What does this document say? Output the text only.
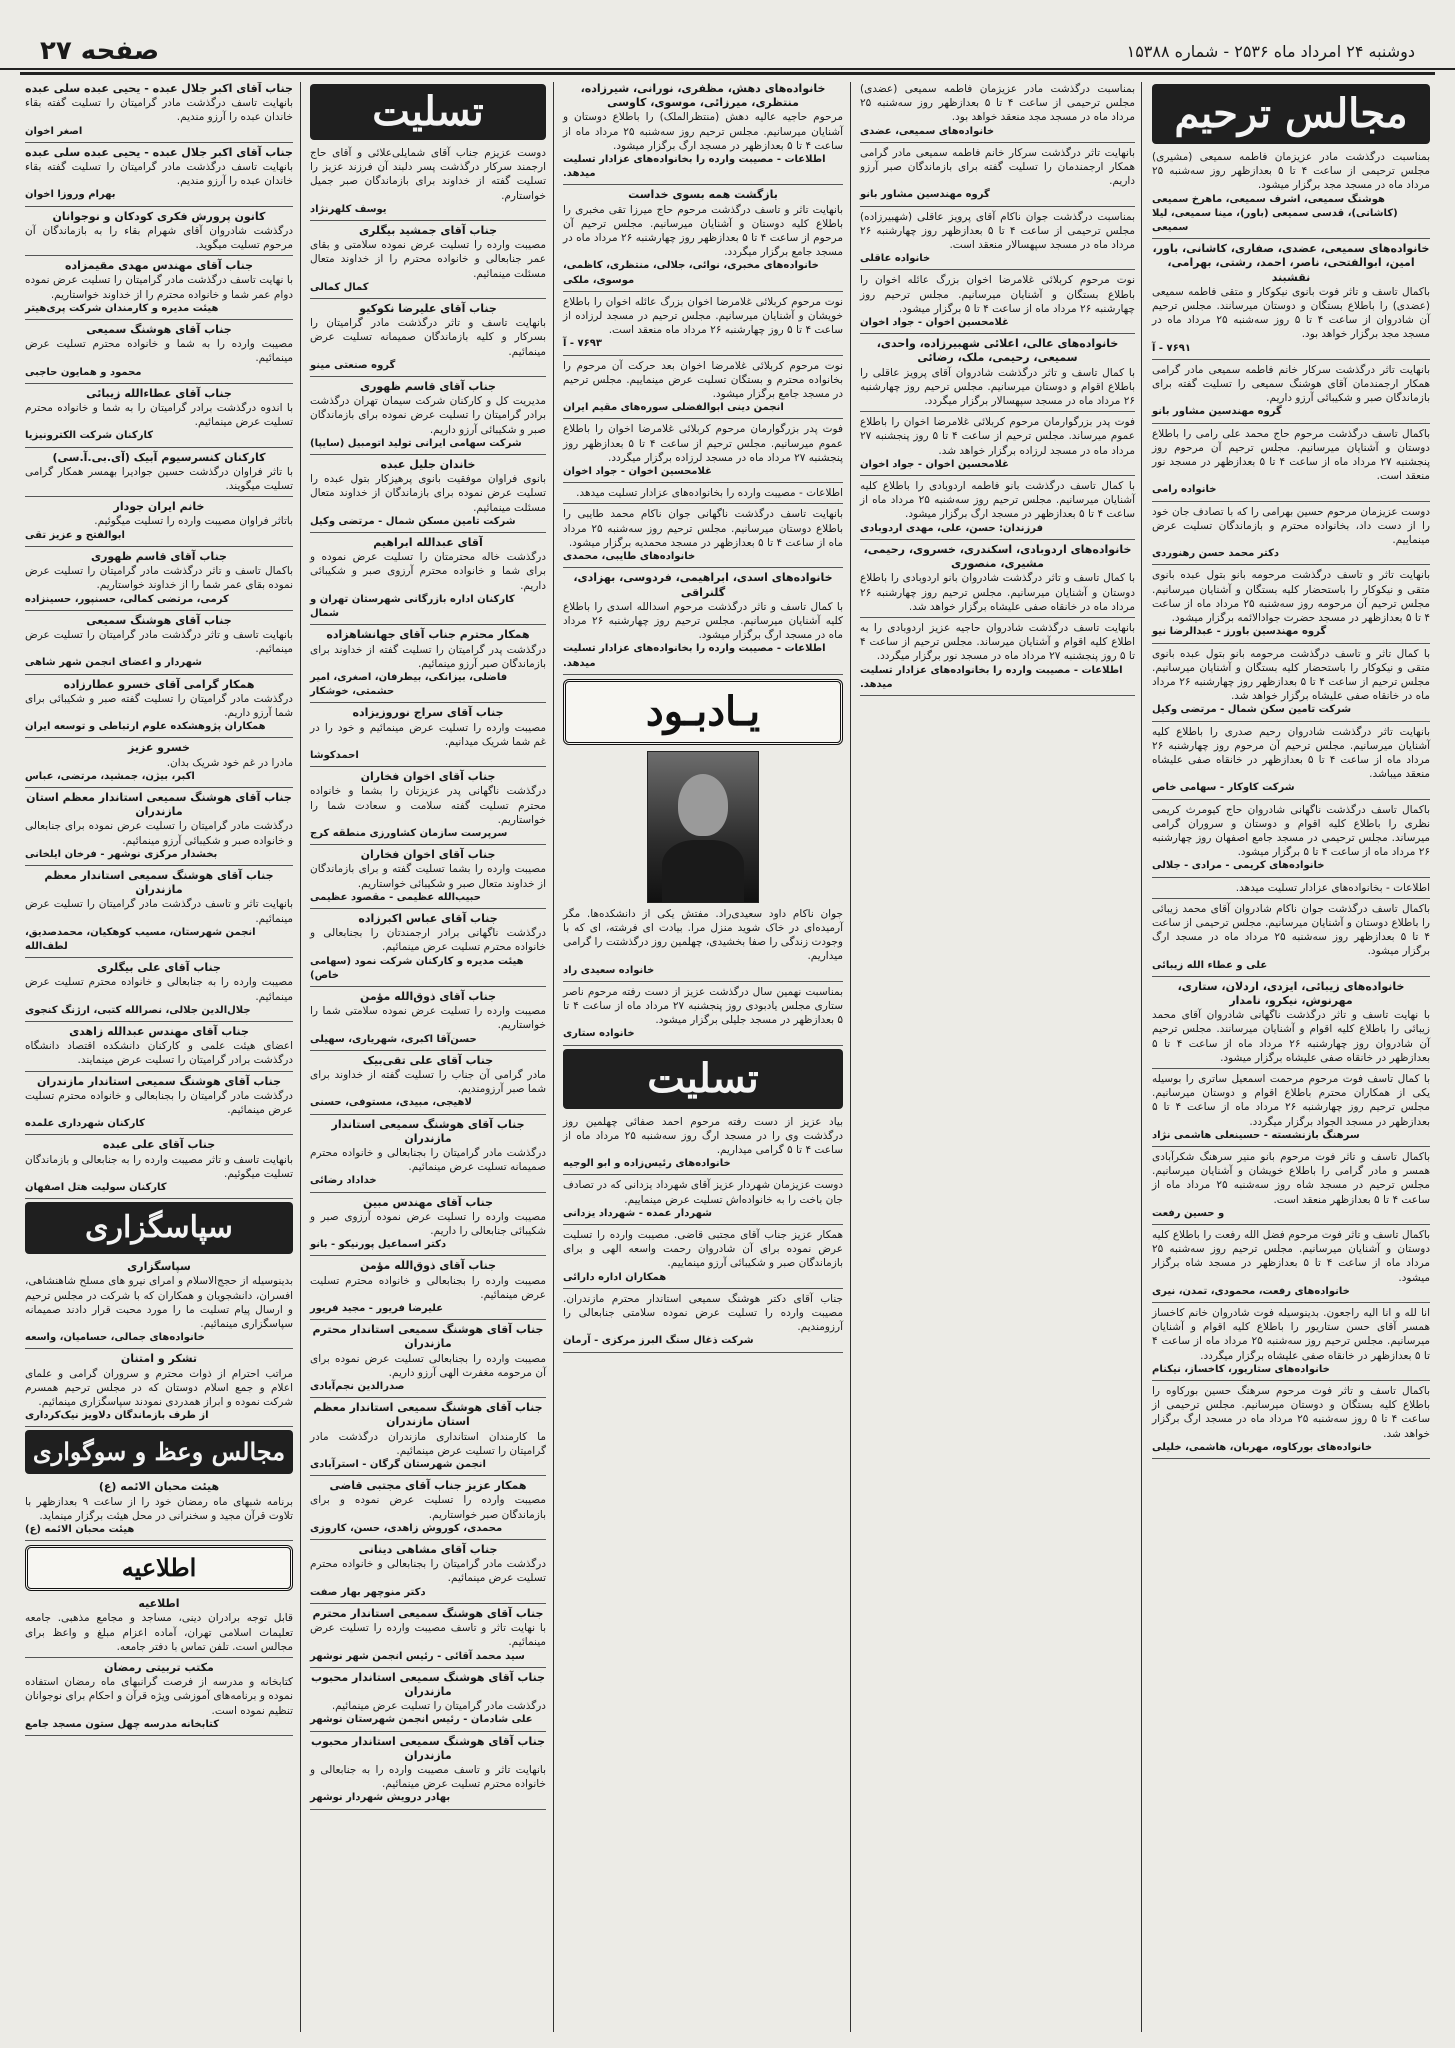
صفحه ۲۷	دوشنبه ۲۴ امرداد ماه ۲۵۳۶ - شماره ۱۵۳۸۸
مجالس ترحیم
بمناسبت درگذشت مادر عزیزمان فاطمه سمیعی (مشیری) مجلس ترحیمی از ساعت ۴ تا ۵ بعدازظهر روز سه‌شنبه ۲۵ مرداد ماه در مسجد مجد برگزار میشود.
هوشنگ سمیعی، اشرف سمیعی، ماهرخ سمیعی (کاشانی)، قدسی سمیعی (باور)، مینا سمیعی، لیلا سمیعی
خانواده‌های سمیعی، عضدی، صفاری، کاشانی، باور، امین، ابوالفتحی، ناصر، احمد، رشتی، بهرامی، نقشبند
باکمال تاسف و تاثر فوت بانوی نیکوکار و متقی فاطمه سمیعی (عضدی) را باطلاع بستگان و دوستان میرسانند. مجلس ترحیم آن شادروان از ساعت ۴ تا ۵ روز سه‌شنبه ۲۵ مرداد ماه در مسجد مجد برگزار خواهد بود.
۷۶۹۱ - آ
بانهایت تاثر درگذشت سرکار خانم فاطمه سمیعی مادر گرامی همکار ارجمندمان آقای هوشنگ سمیعی را تسلیت گفته برای بازماندگان صبر و شکیبائی آرزو داریم.
گروه مهندسین مشاور بانو
باکمال تاسف درگذشت مرحوم حاج محمد علی رامی را باطلاع دوستان و آشنایان میرسانیم. مجلس ترحیم آن مرحوم روز پنجشنبه ۲۷ مرداد ماه از ساعت ۴ تا ۵ بعدازظهر در مسجد نور منعقد است.
خانواده رامی
دوست عزیزمان مرحوم حسین بهرامی را که با تصادف جان خود را از دست داد، بخانواده محترم و بازماندگان تسلیت عرض مینماییم.
دکتر محمد حسن رهنوردی
بانهایت تاثر و تاسف درگذشت مرحومه بانو بتول عبده بانوی متقی و نیکوکار را باستحضار کلیه بستگان و آشنایان میرسانیم. مجلس ترحیم آن مرحومه روز سه‌شنبه ۲۵ مرداد ماه از ساعت ۴ تا ۵ بعدازظهر در مسجد حضرت جوادالائمه برگزار میشود.
گروه مهندسین باورز - عبدالرضا نیو
با کمال تاثر و تاسف درگذشت مرحومه بانو بتول عبده بانوی متقی و نیکوکار را باستحضار کلیه بستگان و آشنایان میرسانیم. مجلس ترحیم از ساعت ۴ تا ۵ بعدازظهر روز چهارشنبه ۲۶ مرداد ماه در خانقاه صفی علیشاه برگزار خواهد شد.
شرکت تامین سکن شمال - مرتضی وکیل
بانهایت تاثر درگذشت شادروان رحیم صدری را باطلاع کلیه آشنایان میرسانیم. مجلس ترحیم آن مرحوم روز چهارشنبه ۲۶ مرداد ماه از ساعت ۴ تا ۵ بعدازظهر در خانقاه صفی علیشاه منعقد میباشد.
شرکت کاوکار - سهامی خاص
باکمال تاسف درگذشت ناگهانی شادروان حاج کیومرث کریمی نظری را باطلاع کلیه اقوام و دوستان و سروران گرامی میرساند. مجلس ترحیمی در مسجد جامع اصفهان روز چهارشنبه ۲۶ مرداد ماه از ساعت ۴ تا ۵ برگزار میشود.
خانواده‌های کریمی - مرادی - جلالی
اطلاعات - بخانواده‌های عزادار تسلیت میدهد.
باکمال تاسف درگذشت جوان ناکام شادروان آقای محمد زیبائی را باطلاع دوستان و آشنایان میرسانیم. مجلس ترحیمی از ساعت ۴ تا ۵ بعدازظهر روز سه‌شنبه ۲۵ مرداد ماه در مسجد ارگ برگزار میشود.
علی و عطاء الله زیبائی
خانواده‌های زیبائی، ایزدی، اردلان، ستاری، مهرنوش، نیکرو، نامدار
با نهایت تاسف و تاثر درگذشت ناگهانی شادروان آقای محمد زیبائی را باطلاع کلیه اقوام و آشنایان میرسانند. مجلس ترحیم آن شادروان روز چهارشنبه ۲۶ مرداد ماه از ساعت ۴ تا ۵ بعدازظهر در خانقاه صفی علیشاه برگزار میشود.
با کمال تاسف فوت مرحوم مرحمت اسمعیل ساتری را بوسیله یکی از همکاران محترم باطلاع اقوام و دوستان میرسانیم. مجلس ترحیم روز چهارشنبه ۲۶ مرداد ماه از ساعت ۴ تا ۵ بعدازظهر در مسجد الجواد برگزار میگردد.
سرهنگ بازنشسته - حسینعلی هاشمی نژاد
باکمال تاسف و تاثر فوت مرحوم بانو منیر سرهنگ شکرآبادی همسر و مادر گرامی را باطلاع خویشان و آشنایان میرسانیم. مجلس ترحیم در مسجد شاه روز سه‌شنبه ۲۵ مرداد ماه از ساعت ۴ تا ۵ بعدازظهر منعقد است.
و حسین رفعت
باکمال تاسف و تاثر فوت مرحوم فضل الله رفعت را باطلاع کلیه دوستان و آشنایان میرسانیم. مجلس ترحیم روز سه‌شنبه ۲۵ مرداد ماه از ساعت ۴ تا ۵ بعدازظهر در مسجد شاه برگزار میشود.
خانواده‌های رفعت، محمودی، تمدن، نیری
انا لله و انا الیه راجعون. بدینوسیله فوت شادروان خانم کاخساز همسر آقای حسن ستاریور را باطلاع کلیه اقوام و آشنایان میرسانیم. مجلس ترحیم روز سه‌شنبه ۲۵ مرداد ماه از ساعت ۴ تا ۵ بعدازظهر در خانقاه صفی علیشاه برگزار میگردد.
خانواده‌های ستاریور، کاخساز، نیکنام
باکمال تاسف و تاثر فوت مرحوم سرهنگ حسین بورکاوه را باطلاع کلیه بستگان و دوستان میرسانیم. مجلس ترحیمی از ساعت ۴ تا ۵ روز سه‌شنبه ۲۵ مرداد ماه در مسجد ارگ برگزار خواهد شد.
خانواده‌های بورکاوه، مهربان، هاشمی، خلیلی
بمناسبت درگذشت مادر عزیزمان فاطمه سمیعی (عضدی) مجلس ترحیمی از ساعت ۴ تا ۵ بعدازظهر روز سه‌شنبه ۲۵ مرداد ماه در مسجد مجد منعقد خواهد بود.
خانواده‌های سمیعی، عضدی
بانهایت تاثر درگذشت سرکار خانم فاطمه سمیعی مادر گرامی همکار ارجمندمان را تسلیت گفته برای بازماندگان صبر آرزو داریم.
گروه مهندسین مشاور بانو
بمناسبت درگذشت جوان ناکام آقای پرویز عاقلی (شهبیرزاده) مجلس ترحیمی از ساعت ۴ تا ۵ بعدازظهر روز چهارشنبه ۲۶ مرداد ماه در مسجد سپهسالار منعقد است.
خانواده عاقلی
نوت مرحوم کربلائی غلامرضا اخوان بزرگ عائله اخوان را باطلاع بستگان و آشنایان میرسانیم. مجلس ترحیم روز چهارشنبه ۲۶ مرداد ماه از ساعت ۴ تا ۵ برگزار میشود.
غلامحسین اخوان - جواد اخوان
خانواده‌های عالی، اعلائی شهبیرزاده، واحدی، سمیعی، رحیمی، ملک، رضائی
با کمال تاسف و تاثر درگذشت شادروان آقای پرویز عاقلی را باطلاع اقوام و دوستان میرسانیم. مجلس ترحیم روز چهارشنبه ۲۶ مرداد ماه در مسجد سپهسالار برگزار میگردد.
فوت پدر بزرگوارمان مرحوم کربلائی غلامرضا اخوان را باطلاع عموم میرساند. مجلس ترحیم از ساعت ۴ تا ۵ روز پنجشنبه ۲۷ مرداد ماه در مسجد لرزاده برگزار خواهد شد.
غلامحسین اخوان - جواد اخوان
با کمال تاسف درگذشت بانو فاطمه اردوبادی را باطلاع کلیه آشنایان میرسانیم. مجلس ترحیم روز سه‌شنبه ۲۵ مرداد ماه از ساعت ۴ تا ۵ بعدازظهر در مسجد ارگ برگزار میشود.
فرزندان: حسن، علی، مهدی اردوبادی
خانواده‌های اردوبادی، اسکندری، خسروی، رحیمی، مشیری، منصوری
با کمال تاسف و تاثر درگذشت شادروان بانو اردوبادی را باطلاع دوستان و آشنایان میرسانیم. مجلس ترحیم روز چهارشنبه ۲۶ مرداد ماه در خانقاه صفی علیشاه برگزار خواهد شد.
بانهایت تاسف درگذشت شادروان حاجیه عزیز اردوبادی را به اطلاع کلیه اقوام و آشنایان میرساند. مجلس ترحیم از ساعت ۴ تا ۵ روز پنجشنبه ۲۷ مرداد ماه در مسجد نور برگزار میگردد.
اطلاعات - مصیبت وارده را بخانواده‌های عزادار تسلیت میدهد.
خانواده‌های دهش، مظفری، نورانی، شیرزاده، منتظری، میرزائی، موسوی، کاوسی
مرحوم حاجیه عالیه دهش (منتظرالملک) را باطلاع دوستان و آشنایان میرسانیم. مجلس ترحیم روز سه‌شنبه ۲۵ مرداد ماه از ساعت ۴ تا ۵ بعدازظهر در مسجد ارگ برگزار میشود.
اطلاعات - مصیبت وارده را بخانواده‌های عزادار تسلیت میدهد.
بازگشت همه بسوی خداست
بانهایت تاثر و تاسف درگذشت مرحوم حاج میرزا تقی مخبری را باطلاع کلیه دوستان و آشنایان میرسانیم. مجلس ترحیم آن مرحوم از ساعت ۴ تا ۵ بعدازظهر روز چهارشنبه ۲۶ مرداد ماه در مسجد جامع برگزار میگردد.
خانواده‌های مخبری، نوائی، جلالی، منتظری، کاظمی، موسوی، ملکی
نوت مرحوم کربلائی غلامرضا اخوان بزرگ عائله اخوان را باطلاع خویشان و آشنایان میرسانیم. مجلس ترحیم در مسجد لرزاده از ساعت ۴ تا ۵ روز چهارشنبه ۲۶ مرداد ماه منعقد است.
۷۶۹۳ - آ
نوت مرحوم کربلائی غلامرضا اخوان بعد حرکت آن مرحوم را بخانواده محترم و بستگان تسلیت عرض مینماییم. مجلس ترحیم در مسجد جامع برگزار میشود.
انجمن دینی ابوالفضلی سوره‌های مقیم ایران
فوت پدر بزرگوارمان مرحوم کربلائی غلامرضا اخوان را باطلاع عموم میرسانیم. مجلس ترحیم از ساعت ۴ تا ۵ بعدازظهر روز پنجشنبه ۲۷ مرداد ماه در مسجد لرزاده برگزار میگردد.
غلامحسین اخوان - جواد اخوان
اطلاعات - مصیبت وارده را بخانواده‌های عزادار تسلیت میدهد.
بانهایت تاسف درگذشت ناگهانی جوان ناکام محمد طایبی را باطلاع دوستان میرسانیم. مجلس ترحیم روز سه‌شنبه ۲۵ مرداد ماه از ساعت ۴ تا ۵ بعدازظهر در مسجد محمدیه برگزار میشود.
خانواده‌های طایبی، محمدی
خانواده‌های اسدی، ابراهیمی، فردوسی، بهزادی، گلنراقی
با کمال تاسف و تاثر درگذشت مرحوم اسدالله اسدی را باطلاع کلیه آشنایان میرسانیم. مجلس ترحیم روز چهارشنبه ۲۶ مرداد ماه در مسجد ارگ برگزار میشود.
اطلاعات - مصیبت وارده را بخانواده‌های عزادار تسلیت میدهد.
یـادبـود
جوان ناکام داود سعیدی‌راد. مفتش یکی از دانشکده‌ها. مگر آرمیده‌ای در خاک شوید منزل مرا. بیادت ای فرشته، ای که با وجودت زندگی را صفا بخشیدی، چهلمین روز درگذشتت را گرامی میداریم.
خانواده سعیدی راد
بمناسبت نهمین سال درگذشت عزیز از دست رفته مرحوم ناصر ستاری مجلس یادبودی روز پنجشنبه ۲۷ مرداد ماه از ساعت ۴ تا ۵ بعدازظهر در مسجد جلیلی برگزار میشود.
خانواده ستاری
تسلیت
بیاد عزیز از دست رفته مرحوم احمد صفائی چهلمین روز درگذشت وی را در مسجد ارگ روز سه‌شنبه ۲۵ مرداد ماه از ساعت ۴ تا ۵ گرامی میداریم.
خانواده‌های رئیس‌زاده و ابو الوجیه
دوست عزیزمان شهردار عزیز آقای شهرداد یزدانی که در تصادف جان باخت را به خانواده‌اش تسلیت عرض مینماییم.
شهردار عمده - شهرداد یزدانی
همکار عزیز جناب آقای مجتبی قاضی. مصیبت وارده را تسلیت عرض نموده برای آن شادروان رحمت واسعه الهی و برای بازماندگان صبر و شکیبائی آرزو مینماییم.
همکاران اداره دارائی
جناب آقای دکتر هوشنگ سمیعی استاندار محترم مازندران. مصیبت وارده را تسلیت عرض نموده سلامتی جنابعالی را آرزومندیم.
شرکت ذغال سنگ البرز مرکزی - آرمان
تسلیت
دوست عزیزم جناب آقای شمایلی‌علائی و آقای حاج ارجمند سرکار درگذشت پسر دلبند آن فرزند عزیز را تسلیت گفته از خداوند برای بازماندگان صبر جمیل خواستارم.
یوسف کلهرنژاد
جناب آقای جمشید بیگلری
مصیبت وارده را تسلیت عرض نموده سلامتی و بقای عمر جنابعالی و خانواده محترم را از خداوند متعال مسئلت مینمائیم.
کمال کمالی
جناب آقای علیرضا نکوکیو
بانهایت تاسف و تاثر درگذشت مادر گرامیتان را بسرکار و کلیه بازماندگان صمیمانه تسلیت عرض مینمائیم.
گروه صنعتی مینو
جناب آقای قاسم ظهوری
مدیریت کل و کارکنان شرکت سیمان تهران درگذشت برادر گرامیتان را تسلیت عرض نموده برای بازماندگان صبر و شکیبائی آرزو داریم.
شرکت سهامی ایرانی تولید اتومبیل (سایپا)
خاندان جلیل عبده
بانوی فراوان موفقیت بانوی پرهیزکار بتول عبده را تسلیت عرض نموده برای بازماندگان از خداوند متعال مسئلت مینمائیم.
شرکت تامین مسکن شمال - مرتضی وکیل
آقای عبدالله ابراهیم
درگذشت خاله محترمتان را تسلیت عرض نموده و برای شما و خانواده محترم آرزوی صبر و شکیبائی داریم.
کارکنان اداره بازرگانی شهرستان تهران و شمال
همکار محترم جناب آقای جهانشاهزاده
درگذشت پدر گرامیتان را تسلیت گفته از خداوند برای بازماندگان صبر آرزو مینمائیم.
فاضلی، بیزانکی، بیطرفان، اصغری، امیر حشمتی، خوشکار
جناب آقای سراج نوروزیزاده
مصیبت وارده را تسلیت عرض مینمائیم و خود را در غم شما شریک میدانیم.
احمدکوشا
جناب آقای اخوان فخاران
درگذشت ناگهانی پدر عزیزتان را بشما و خانواده محترم تسلیت گفته سلامت و سعادت شما را خواستاریم.
سرپرست سازمان کشاورزی منطقه کرج
جناب آقای اخوان فخاران
مصیبت وارده را بشما تسلیت گفته و برای بازماندگان از خداوند متعال صبر و شکیبائی خواستاریم.
حبیب‌الله عظیمی - مقصود عظیمی
جناب آقای عباس اکبرزاده
درگذشت ناگهانی برادر ارجمندتان را بجنابعالی و خانواده محترم تسلیت عرض مینمائیم.
هیئت مدیره و کارکنان شرکت نمود (سهامی خاص)
جناب آقای ذوق‌الله مؤمن
مصیبت وارده را تسلیت عرض نموده سلامتی شما را خواستاریم.
حسن‌آقا اکبری، شهریاری، سهیلی
جناب آقای علی تقی‌بیک
مادر گرامی آن جناب را تسلیت گفته از خداوند برای شما صبر آرزومندیم.
لاهیجی، مبیدی، مستوفی، حسنی
جناب آقای هوشنگ سمیعی استاندار مازندران
درگذشت مادر گرامیتان را بجنابعالی و خانواده محترم صمیمانه تسلیت عرض مینمائیم.
خداداد رضائی
جناب آقای مهندس مبین
مصیبت وارده را تسلیت عرض نموده آرزوی صبر و شکیبائی جنابعالی را داریم.
دکتر اسماعیل پورنیکو - بانو
جناب آقای ذوق‌الله مؤمن
مصیبت وارده را بجنابعالی و خانواده محترم تسلیت عرض مینمائیم.
علیرضا فریور - مجید فریور
جناب آقای هوشنگ سمیعی استاندار محترم مازندران
مصیبت وارده را بجنابعالی تسلیت عرض نموده برای آن مرحومه مغفرت الهی آرزو داریم.
صدرالدین نجم‌آبادی
جناب آقای هوشنگ سمیعی استاندار معظم استان مازندران
ما کارمندان استانداری مازندران درگذشت مادر گرامیتان را تسلیت عرض مینمائیم.
انجمن شهرستان گرگان - استرآبادی
همکار عزیز جناب آقای مجتبی قاضی
مصیبت وارده را تسلیت عرض نموده و برای بازماندگان صبر خواستاریم.
محمدی، کوروش زاهدی، حسن، کاروزی
جناب آقای مشاهی دینانی
درگذشت مادر گرامیتان را بجنابعالی و خانواده محترم تسلیت عرض مینمائیم.
دکتر منوچهر بهار صفت
جناب آقای هوشنگ سمیعی استاندار محترم
با نهایت تاثر و تاسف مصیبت وارده را تسلیت عرض مینمائیم.
سید محمد آقائی - رئیس انجمن شهر نوشهر
جناب آقای هوشنگ سمیعی استاندار محبوب مازندران
درگذشت مادر گرامیتان را تسلیت عرض مینمائیم.
علی شادمان - رئیس انجمن شهرستان نوشهر
جناب آقای هوشنگ سمیعی استاندار محبوب مازندران
بانهایت تاثر و تاسف مصیبت وارده را به جنابعالی و خانواده محترم تسلیت عرض مینمائیم.
بهادر درویش شهردار نوشهر
جناب آقای اکبر جلال عبده - یحیی عبده سلی عبده
بانهایت تاسف درگذشت مادر گرامیتان را تسلیت گفته بقاء خاندان عبده را آرزو مندیم.
اصغر اخوان
جناب آقای اکبر جلال عبده - یحیی عبده سلی عبده
بانهایت تاسف درگذشت مادر گرامیتان را تسلیت گفته بقاء خاندان عبده را آرزو مندیم.
بهرام وروزا اخوان
کانون پرورش فکری کودکان و نوجوانان
درگذشت شادروان آقای شهرام بقاء را به بازماندگان آن مرحوم تسلیت میگوید.
جناب آقای مهندس مهدی مقیمزاده
با نهایت تاسف درگذشت مادر گرامیتان را تسلیت عرض نموده دوام عمر شما و خانواده محترم را از خداوند خواستاریم.
هیئت مدیره و کارمندان شرکت پری‌هیتر
جناب آقای هوشنگ سمیعی
مصیبت وارده را به شما و خانواده محترم تسلیت عرض مینمائیم.
محمود و همایون حاجبی
جناب آقای عطاءالله زیبائی
با اندوه درگذشت برادر گرامیتان را به شما و خانواده محترم تسلیت عرض مینمائیم.
کارکنان شرکت الکترونیزیا
کارکنان کنسرسیوم آبیک (آی.بی.آ.سی)
با تاثر فراوان درگذشت حسین جوادیرا بهمسر همکار گرامی تسلیت میگویند.
خانم ایران جودار
باتاثر فراوان مصیبت وارده را تسلیت میگوئیم.
ابوالفتح و عزیز تقی
جناب آقای قاسم ظهوری
باکمال تاسف و تاثر درگذشت مادر گرامیتان را تسلیت عرض نموده بقای عمر شما را از خداوند خواستاریم.
کرمی، مرتضی کمالی، حسنپور، حسینزاده
جناب آقای هوشنگ سمیعی
بانهایت تاسف و تاثر درگذشت مادر گرامیتان را تسلیت عرض مینمائیم.
شهردار و اعضای انجمن شهر شاهی
همکار گرامی آقای خسرو عطارزاده
درگذشت مادر گرامیتان را تسلیت گفته صبر و شکیبائی برای شما آرزو داریم.
همکاران پژوهشکده علوم ارتباطی و توسعه ایران
خسرو عزیز
مادرا در غم خود شریک بدان.
اکبر، بیژن، جمشید، مرتضی، عباس
جناب آقای هوشنگ سمیعی استاندار معظم استان مازندران
درگذشت مادر گرامیتان را تسلیت عرض نموده برای جنابعالی و خانواده صبر و شکیبائی آرزو مینمائیم.
بخشدار مرکزی نوشهر - فرخان ایلخانی
جناب آقای هوشنگ سمیعی استاندار معظم مازندران
بانهایت تاثر و تاسف درگذشت مادر گرامیتان را تسلیت عرض مینمائیم.
انجمن شهرستان، مسیب کوهکیان، محمدصدیق، لطف‌الله
جناب آقای علی بیگلری
مصیبت وارده را به جنابعالی و خانواده محترم تسلیت عرض مینمائیم.
جلال‌الدین جلالی، نصرالله کتبی، ارژنگ کنجوی
جناب آقای مهندس عبدالله زاهدی
اعضای هیئت علمی و کارکنان دانشکده اقتصاد دانشگاه درگذشت برادر گرامیتان را تسلیت عرض مینمایند.
جناب آقای هوشنگ سمیعی استاندار مازندران
درگذشت مادر گرامیتان را بجنابعالی و خانواده محترم تسلیت عرض مینمائیم.
کارکنان شهرداری علمده
جناب آقای علی عبده
بانهایت تاسف و تاثر مصیبت وارده را به جنابعالی و بازماندگان تسلیت میگوئیم.
کارکنان سولیت هتل اصفهان
سپاسگزاری
سپاسگزاری
بدینوسیله از حجج‌الاسلام و امرای نیرو های مسلح شاهنشاهی، افسران، دانشجویان و همکاران که با شرکت در مجلس ترحیم و ارسال پیام تسلیت ما را مورد محبت قرار دادند صمیمانه سپاسگزاری مینمائیم.
خانواده‌های جمالی، حسامیان، واسعه
تشکر و امتنان
مراتب احترام از ذوات محترم و سروران گرامی و علمای اعلام و جمع اسلام دوستان که در مجلس ترحیم همسرم شرکت نموده و ابراز همدردی نمودند سپاسگزاری مینمائیم.
از طرف بازماندگان دلاویز نیک‌کرداری
مجالس وعظ و سوگواری
هیئت محبان الائمه (ع)
برنامه شبهای ماه رمضان خود را از ساعت ۹ بعدازظهر با تلاوت قرآن مجید و سخنرانی در محل هیئت برگزار مینماید.
هیئت محبان الائمه (ع)
اطلاعیه
اطلاعیه
قابل توجه برادران دینی، مساجد و مجامع مذهبی. جامعه تعلیمات اسلامی تهران، آماده اعزام مبلغ و واعظ برای مجالس است. تلفن تماس با دفتر جامعه.
مکتب تربیتی رمضان
کتابخانه و مدرسه از فرصت گرانبهای ماه رمضان استفاده نموده و برنامه‌های آموزشی ویژه قرآن و احکام برای نوجوانان تنظیم نموده است.
کتابخانه مدرسه چهل ستون مسجد جامع
